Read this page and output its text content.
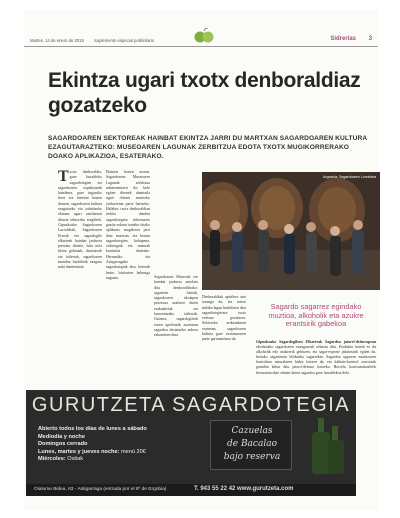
Martes, 14 de enero de 2015 Suplemento especial publicitario	Sidrerías 3
Ekintza ugari txotx denboraldiaz gozatzeko

SAGARDOAREN SEKTOREAK HAINBAT EKINTZA JARRI DU MARTXAN SAGARDOAREN KULTURA EZAGUTARAZTEKO: MUSEOAREN LAGUNAK ZERBITZUA EDOTA TXOTX MUGIKORRERAKO DOAKO APLIKAZIOA, ESATERAKO.

Txotx denboraldia, gure lurraldeko sagardotegien eta sagardoaren ospakizunik handiena, gure inguruko herri eta hirietan hasten denean, sagardoaren kultura ezagutzeko eta zabaltzeko ekimen ugari antolatzen dituzte sektoreko eragileek. Gipuzkoako Sagardoaren Lurraldeak, Sagardoaren Etxeak eta sagardogile elkarteek hainbat jarduera prestatu dituzte, hala nola bisita gidatuak, dastatzeak eta tailerrak, sagardoaren mundua hurbiletik ezagutu nahi dutenentzat.
Ekimen horien artean, Sagardoaren Museoaren Lagunak zerbitzua nabarmentzen da: kide egiten direnek abantaila ugari dituzte museoko jardueretan parte hartzeko. Halaber, txotx denboraldian irekita dauden sagardotegien informazio guztia eskura izateko doako aplikazio mugikorra jarri dute martxan, eta bertan sagardotegien kokapena, ordutegiak eta menuak kontsulta daitezke. Hernaniko eta Astigarragako sagardotegiak dira, besteak beste, bisitarien helmuga nagusia.
Argazkia: Sagardoaren Lurraldea
Sagardoaren Museoak ere hainbat jarduera antolatu ditu denboraldirako: sagastien bisitak, sagardoaren ekoizpen prozesua azaltzen duten erakusketak eta haurrentzako tailerrak. Gainera, sagardogileek euren upeletatik zuzenean sagardoa dastatzeko aukera eskaintzen dute.
Denboraldiak apirilera arte iraungo du, eta urtero milaka lagun hurbiltzen dira sagardotegietara txotx errituaz gozatzera. Sektoreko arduradunen esanetan, sagardoaren kultura gure nortasunaren parte garrantzitsua da.

Sagardo sagarrez egindako muztioa, alkoholik eta azukre erantsirik gabekoa

Gipuzkoako Sagardogileen Elkarteak Sagardoa jatorri-deiturapean ekoitzitako sagardoaren ezaugarriak zehaztu ditu. Produktu honek ez du alkoholik edo azukrerik gehitzen, eta sagar-espezie jakinetatik egiten da, bertako sagastietan bildutako sagarrekin. Sagardoa sagarren muztioaren hartzidura naturalaren bidez lortzen da, eta kalitate-kontrol zorrotzak gainditu behar ditu jatorri-deitura lortzeko. Horrela, kontsumitzaileek bermatuta dute edaten duten sagardoa gure lurraldekoa dela.
GURUTZETA SAGARDOTEGIA
Abierto todos los días de lunes a sábado
Mediodía y noche
Domingos cerrado
Lunes, martes y jueves noche: menú 20€
Miércoles: Ostiak
Cazuelas
de Bacalao
bajo reserva
Oialume Bidea, 63 - Astigarraga (entrada por el 8º de Ergobia)	T. 943 55 22 42 www.gurutzeta.com
